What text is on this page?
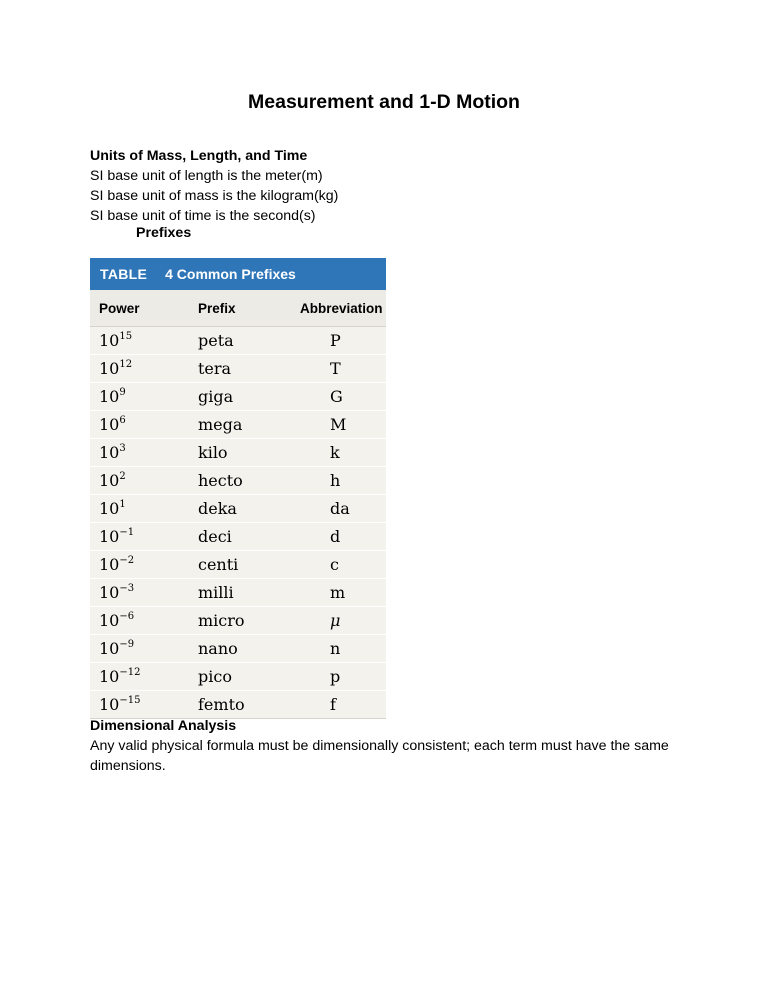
Measurement and 1-D Motion
Units of Mass, Length, and Time
SI base unit of length is the meter(m)
SI base unit of mass is the kilogram(kg)
SI base unit of time is the second(s)
Prefixes
TABLE 4 Common Prefixes
Power	Prefix	Abbreviation
$10^{15}$	peta	P
$10^{12}$	tera	T
$10^9$	giga	G
$10^6$	mega	M
$10^3$	kilo	k
$10^2$	hecto	h
$10^1$	deka	da
$10^{-1}$	deci	d
$10^{-2}$	centi	c
$10^{-3}$	milli	m
$10^{-6}$	micro	μ
$10^{-9}$	nano	n
$10^{-12}$	pico	p
$10^{-15}$	femto	f
Dimensional Analysis
Any valid physical formula must be dimensionally consistent; each term must have the same dimensions.
